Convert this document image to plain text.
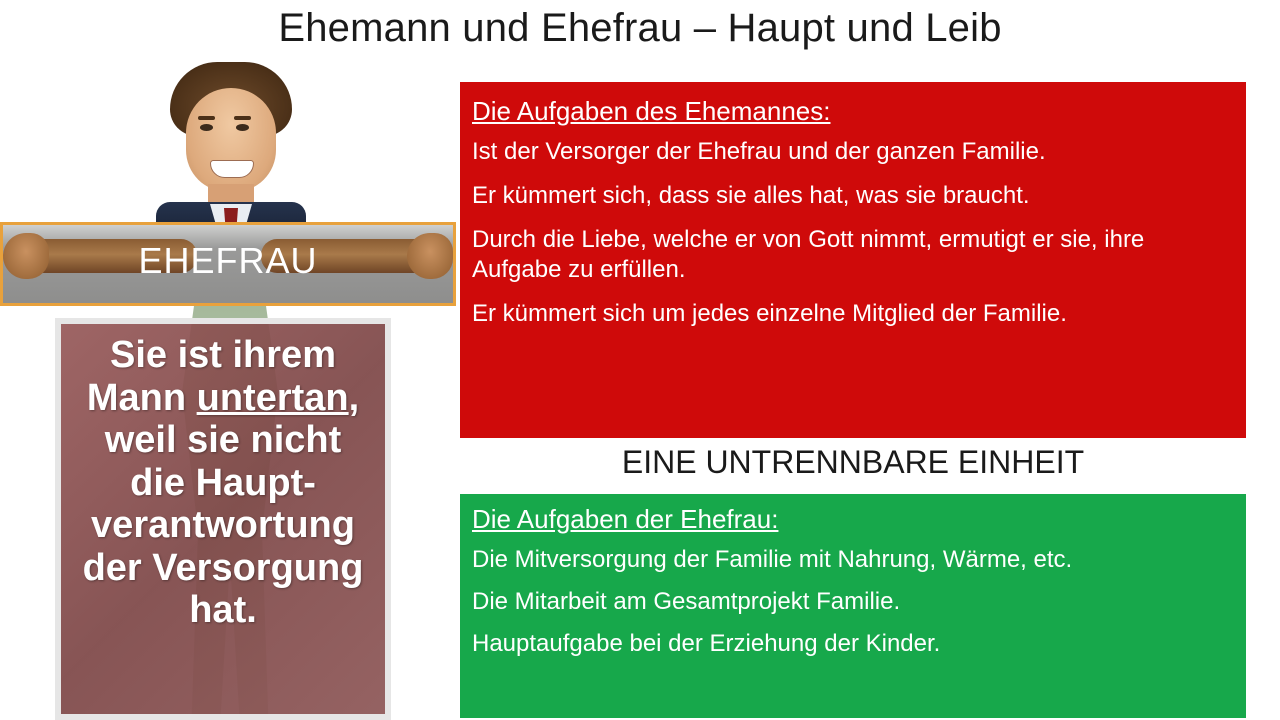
Ehemann und Ehefrau – Haupt und Leib
EHEFRAU
Sie ist ihrem
Mann untertan,
weil sie nicht
die Haupt-
verantwortung
der Versorgung
hat.
Die Aufgaben des Ehemannes:
Ist der Versorger der Ehefrau und der ganzen Familie.
Er kümmert sich, dass sie alles hat, was sie braucht.
Durch die Liebe, welche er von Gott nimmt, ermutigt er sie, ihre Aufgabe zu erfüllen.
Er kümmert sich um jedes einzelne Mitglied der Familie.
EINE UNTRENNBARE EINHEIT
Die Aufgaben der Ehefrau:
Die Mitversorgung der Familie mit Nahrung, Wärme, etc.
Die Mitarbeit am Gesamtprojekt Familie.
Hauptaufgabe bei der Erziehung der Kinder.
